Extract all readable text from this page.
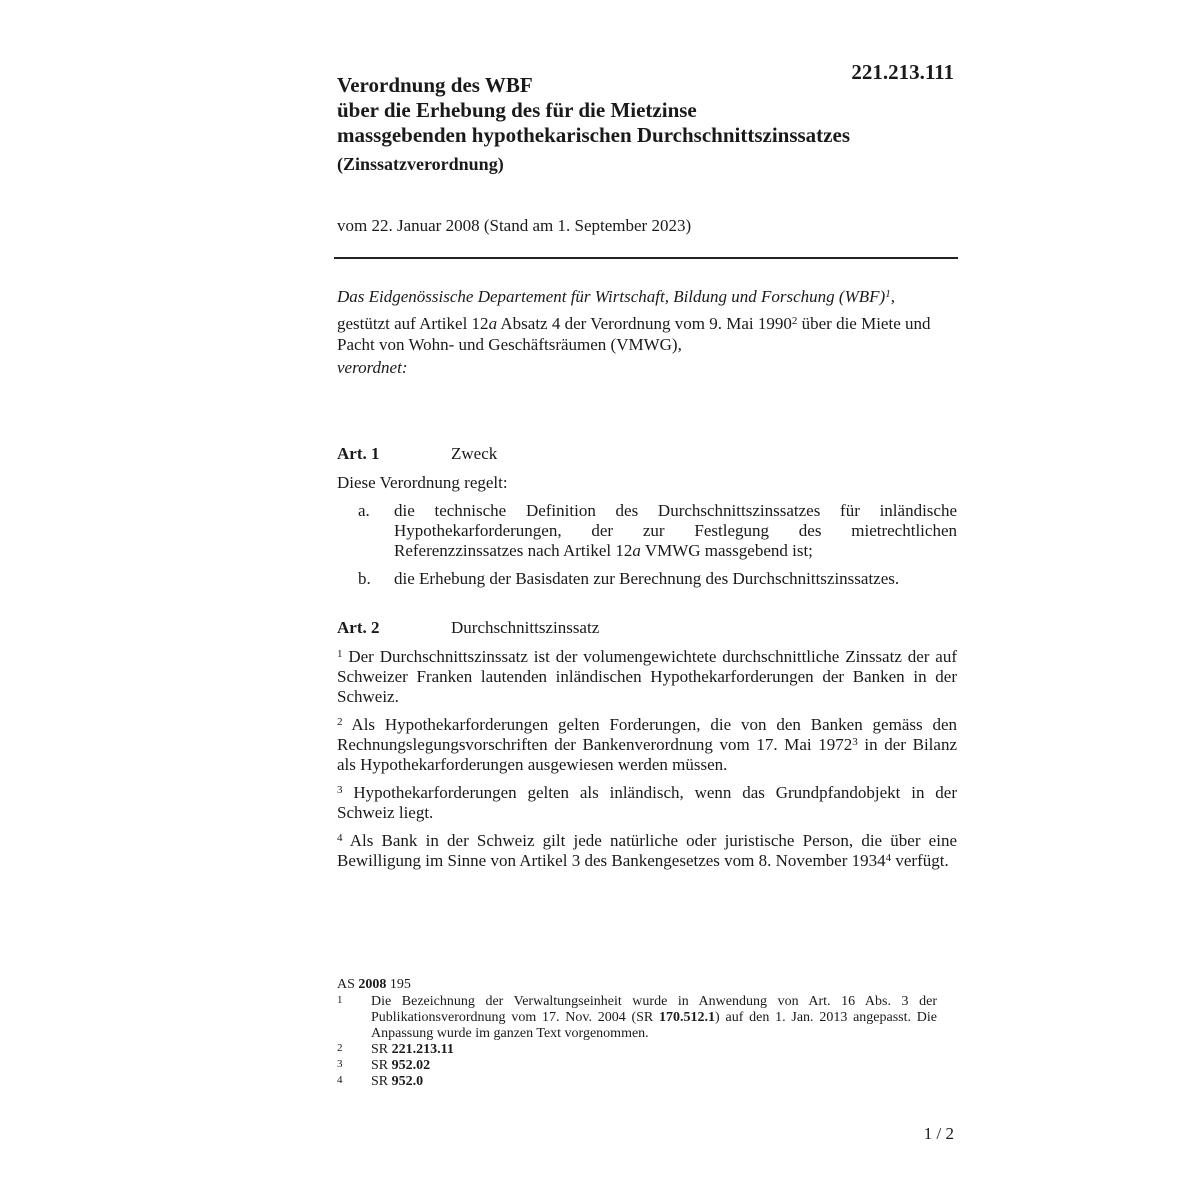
221.213.111
Verordnung des WBF
über die Erhebung des für die Mietzinse
massgebenden hypothekarischen Durchschnittszinssatzes
(Zinssatzverordnung)
vom 22. Januar 2008 (Stand am 1. September 2023)
Das Eidgenössische Departement für Wirtschaft, Bildung und Forschung (WBF)$^1$,
gestützt auf Artikel 12a Absatz 4 der Verordnung vom 9. Mai 1990$^2$ über die Miete und Pacht von Wohn- und Geschäftsräumen (VMWG),
verordnet:
Art. 1	Zweck
Diese Verordnung regelt:
a. die technische Definition des Durchschnittszinssatzes für inländische Hypothekarforderungen, der zur Festlegung des mietrechtlichen Referenzzinssatzes nach Artikel 12a VMWG massgebend ist;
b. die Erhebung der Basisdaten zur Berechnung des Durchschnittszinssatzes.
Art. 2	Durchschnittszinssatz
$^1$ Der Durchschnittszinssatz ist der volumengewichtete durchschnittliche Zinssatz der auf Schweizer Franken lautenden inländischen Hypothekarforderungen der Banken in der Schweiz.
$^2$ Als Hypothekarforderungen gelten Forderungen, die von den Banken gemäss den Rechnungslegungsvorschriften der Bankenverordnung vom 17. Mai 1972$^3$ in der Bilanz als Hypothekarforderungen ausgewiesen werden müssen.
$^3$ Hypothekarforderungen gelten als inländisch, wenn das Grundpfandobjekt in der Schweiz liegt.
$^4$ Als Bank in der Schweiz gilt jede natürliche oder juristische Person, die über eine Bewilligung im Sinne von Artikel 3 des Bankengesetzes vom 8. November 1934$^4$ verfügt.
AS 2008 195
1 Die Bezeichnung der Verwaltungseinheit wurde in Anwendung von Art. 16 Abs. 3 der Publikationsverordnung vom 17. Nov. 2004 (SR 170.512.1) auf den 1. Jan. 2013 angepasst. Die Anpassung wurde im ganzen Text vorgenommen.
2 SR 221.213.11
3 SR 952.02
4 SR 952.0
1 / 2
